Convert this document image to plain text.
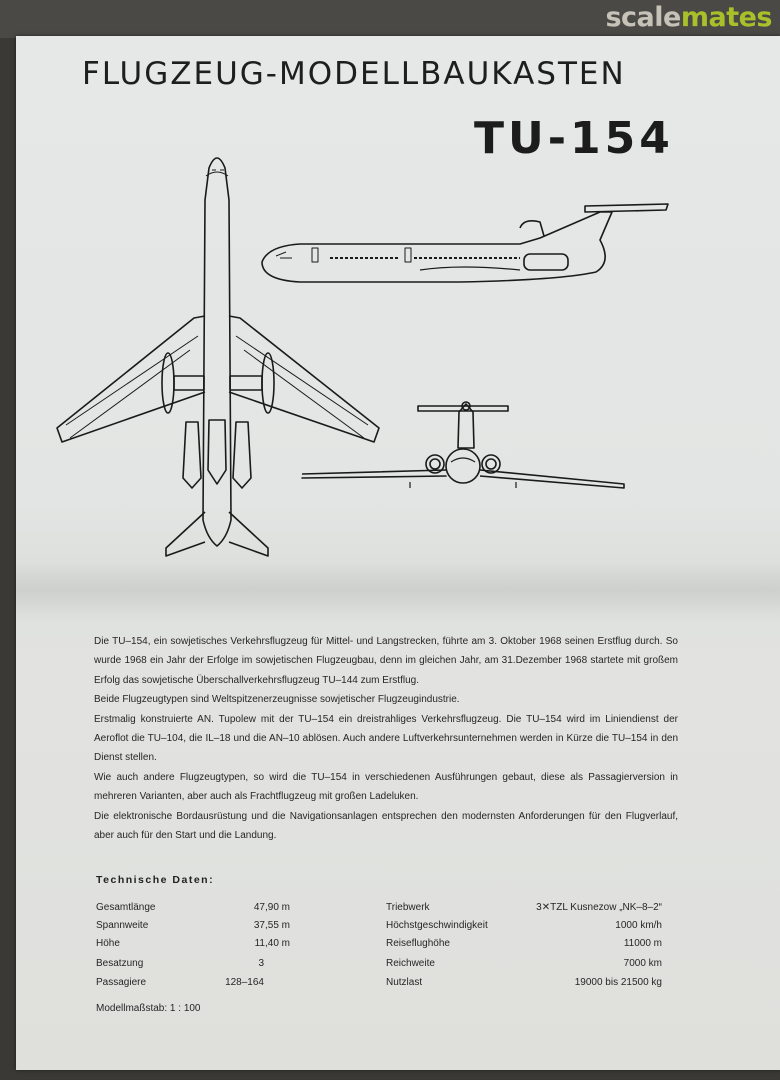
scalemates
FLUGZEUG-MODELLBAUKASTEN
TU-154

Die TU–154, ein sowjetisches Verkehrsflugzeug für Mittel- und Langstrecken, führte am 3. Oktober 1968 seinen Erstflug durch. So wurde 1968 ein Jahr der Erfolge im sowjetischen Flugzeugbau, denn im gleichen Jahr, am 31.Dezember 1968 startete mit großem Erfolg das sowjetische Überschallverkehrsflugzeug TU–144 zum Erstflug.

Beide Flugzeugtypen sind Weltspitzenerzeugnisse sowjetischer Flugzeugindustrie.

Erstmalig konstruierte AN. Tupolew mit der TU–154 ein dreistrahliges Verkehrsflugzeug. Die TU–154 wird im Liniendienst der Aeroflot die TU–104, die IL–18 und die AN–10 ablösen. Auch andere Luftverkehrsunternehmen werden in Kürze die TU–154 in den Dienst stellen.

Wie auch andere Flugzeugtypen, so wird die TU–154 in verschiedenen Ausführungen gebaut, diese als Passagierversion in mehreren Varianten, aber auch als Frachtflugzeug mit großen Ladeluken.

Die elektronische Bordausrüstung und die Navigationsanlagen entsprechen den modernsten Anforderungen für den Flugverlauf, aber auch für den Start und die Landung.

Technische Daten:
Gesamtlänge	47,90 m
Spannweite	37,55 m
Höhe	11,40 m
Besatzung	3
Passagiere	128–164
Triebwerk	3✕TZL Kusnezow „NK–8–2“
Höchstgeschwindigkeit	1000 km/h
Reiseflughöhe	11000 m
Reichweite	7000 km
Nutzlast	19000 bis 21500 kg
Modellmaßstab: 1 : 100
